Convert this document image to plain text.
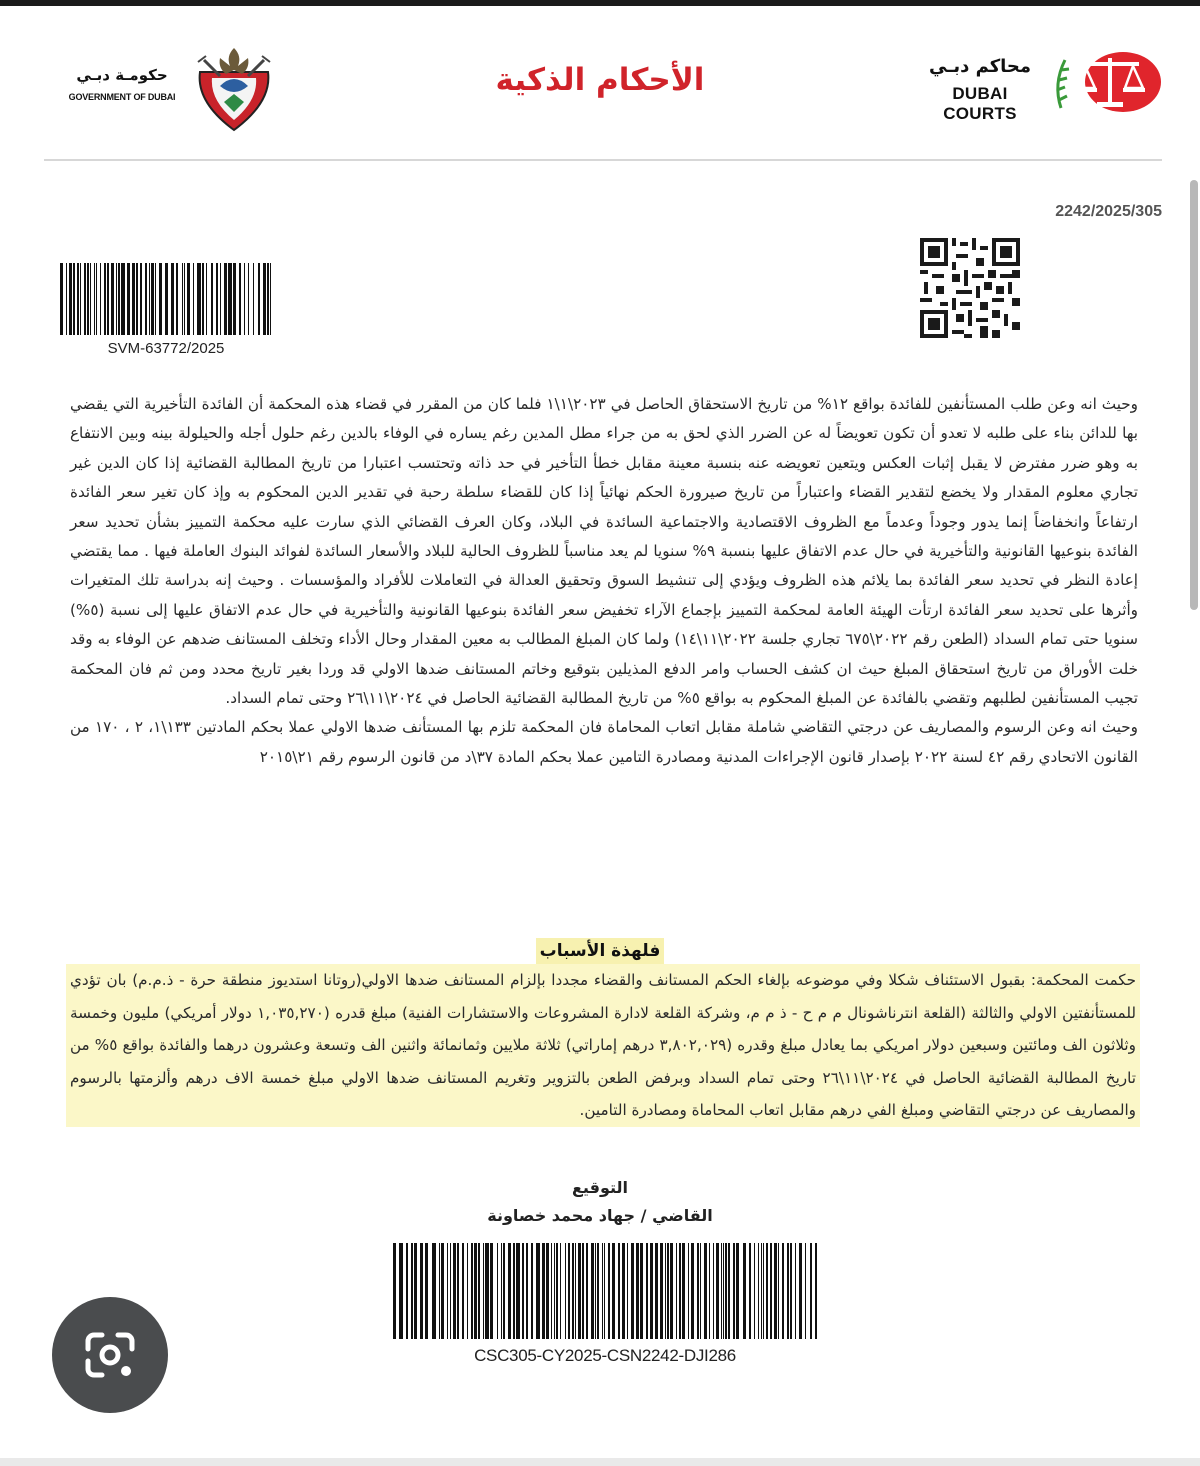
حكومـة دبـي
GOVERNMENT OF DUBAI	الأحكام الذكية	محاكم دبـي
DUBAI COURTS
2242/2025/305
SVM-63772/2025

وحيث انه وعن طلب المستأنفين للفائدة بواقع ١٢% من تاريخ الاستحقاق الحاصل في ٢٠٢٣\١\١ فلما كان من المقرر في قضاء هذه المحكمة أن الفائدة التأخيرية التي يقضي بها للدائن بناء على طلبه لا تعدو أن تكون تعويضاً له عن الضرر الذي لحق به من جراء مطل المدين رغم يساره في الوفاء بالدين رغم حلول أجله والحيلولة بينه وبين الانتفاع به وهو ضرر مفترض لا يقبل إثبات العكس ويتعين تعويضه عنه بنسبة معينة مقابل خطأ التأخير في حد ذاته وتحتسب اعتبارا من تاريخ المطالبة القضائية إذا كان الدين غير تجاري معلوم المقدار ولا يخضع لتقدير القضاء واعتباراً من تاريخ صيرورة الحكم نهائياً إذا كان للقضاء سلطة رحبة في تقدير الدين المحكوم به وإذ كان تغير سعر الفائدة ارتفاعاً وانخفاضاً إنما يدور وجوداً وعدماً مع الظروف الاقتصادية والاجتماعية السائدة في البلاد، وكان العرف القضائي الذي سارت عليه محكمة التمييز بشأن تحديد سعر الفائدة بنوعيها القانونية والتأخيرية في حال عدم الاتفاق عليها بنسبة ٩% سنويا لم يعد مناسباً للظروف الحالية للبلاد والأسعار السائدة لفوائد البنوك العاملة فيها . مما يقتضي إعادة النظر في تحديد سعر الفائدة بما يلائم هذه الظروف ويؤدي إلى تنشيط السوق وتحقيق العدالة في التعاملات للأفراد والمؤسسات . وحيث إنه بدراسة تلك المتغيرات وأثرها على تحديد سعر الفائدة ارتأت الهيئة العامة لمحكمة التمييز بإجماع الآراء تخفيض سعر الفائدة بنوعيها القانونية والتأخيرية في حال عدم الاتفاق عليها إلى نسبة (٥%) سنويا حتى تمام السداد (الطعن رقم ٢٠٢٢\٦٧٥ تجاري جلسة ٢٠٢٢\١١\١٤) ولما كان المبلغ المطالب به معين المقدار وحال الأداء وتخلف المستانف ضدهم عن الوفاء به وقد خلت الأوراق من تاريخ استحقاق المبلغ حيث ان كشف الحساب وامر الدفع المذيلين بتوقيع وخاتم المستانف ضدها الاولي قد وردا بغير تاريخ محدد ومن ثم فان المحكمة تجيب المستأنفين لطلبهم وتقضي بالفائدة عن المبلغ المحكوم به بواقع ٥% من تاريخ المطالبة القضائية الحاصل في ٢٠٢٤\١١\٢٦ وحتى تمام السداد.

وحيث انه وعن الرسوم والمصاريف عن درجتي التقاضي شاملة مقابل اتعاب المحاماة فان المحكمة تلزم بها المستأنف ضدها الاولي عملا بحكم المادتين ١٣٣\١، ٢ ، ١٧٠ من القانون الاتحادي رقم ٤٢ لسنة ٢٠٢٢ بإصدار قانون الإجراءات المدنية ومصادرة التامين عملا بحكم المادة ٣٧\د من قانون الرسوم رقم ٢١\٢٠١٥

فلهذة الأسباب

حكمت المحكمة: بقبول الاستئناف شكلا وفي موضوعه بإلغاء الحكم المستانف والقضاء مجددا بإلزام المستانف ضدها الاولي(روتانا استديوز منطقة حرة - ذ.م.م) بان تؤدي للمستأنفتين الاولي والثالثة (القلعة انترناشونال م م ح - ذ م م، وشركة القلعة لادارة المشروعات والاستشارات الفنية) مبلغ قدره (١,٠٣٥,٢٧٠ دولار أمريكي) مليون وخمسة وثلاثون الف ومائتين وسبعين دولار امريكي بما يعادل مبلغ وقدره (٣,٨٠٢,٠٢٩ درهم إماراتي) ثلاثة ملايين وثمانمائة واثنين الف وتسعة وعشرون درهما والفائدة بواقع ٥% من تاريخ المطالبة القضائية الحاصل في ٢٠٢٤\١١\٢٦ وحتى تمام السداد وبرفض الطعن بالتزوير وتغريم المستانف ضدها الاولي مبلغ خمسة الاف درهم وألزمتها بالرسوم والمصاريف عن درجتي التقاضي ومبلغ الفي درهم مقابل اتعاب المحاماة ومصادرة التامين.

التوقيع
القاضي / جهاد محمد خصاونة
CSC305-CY2025-CSN2242-DJI286
